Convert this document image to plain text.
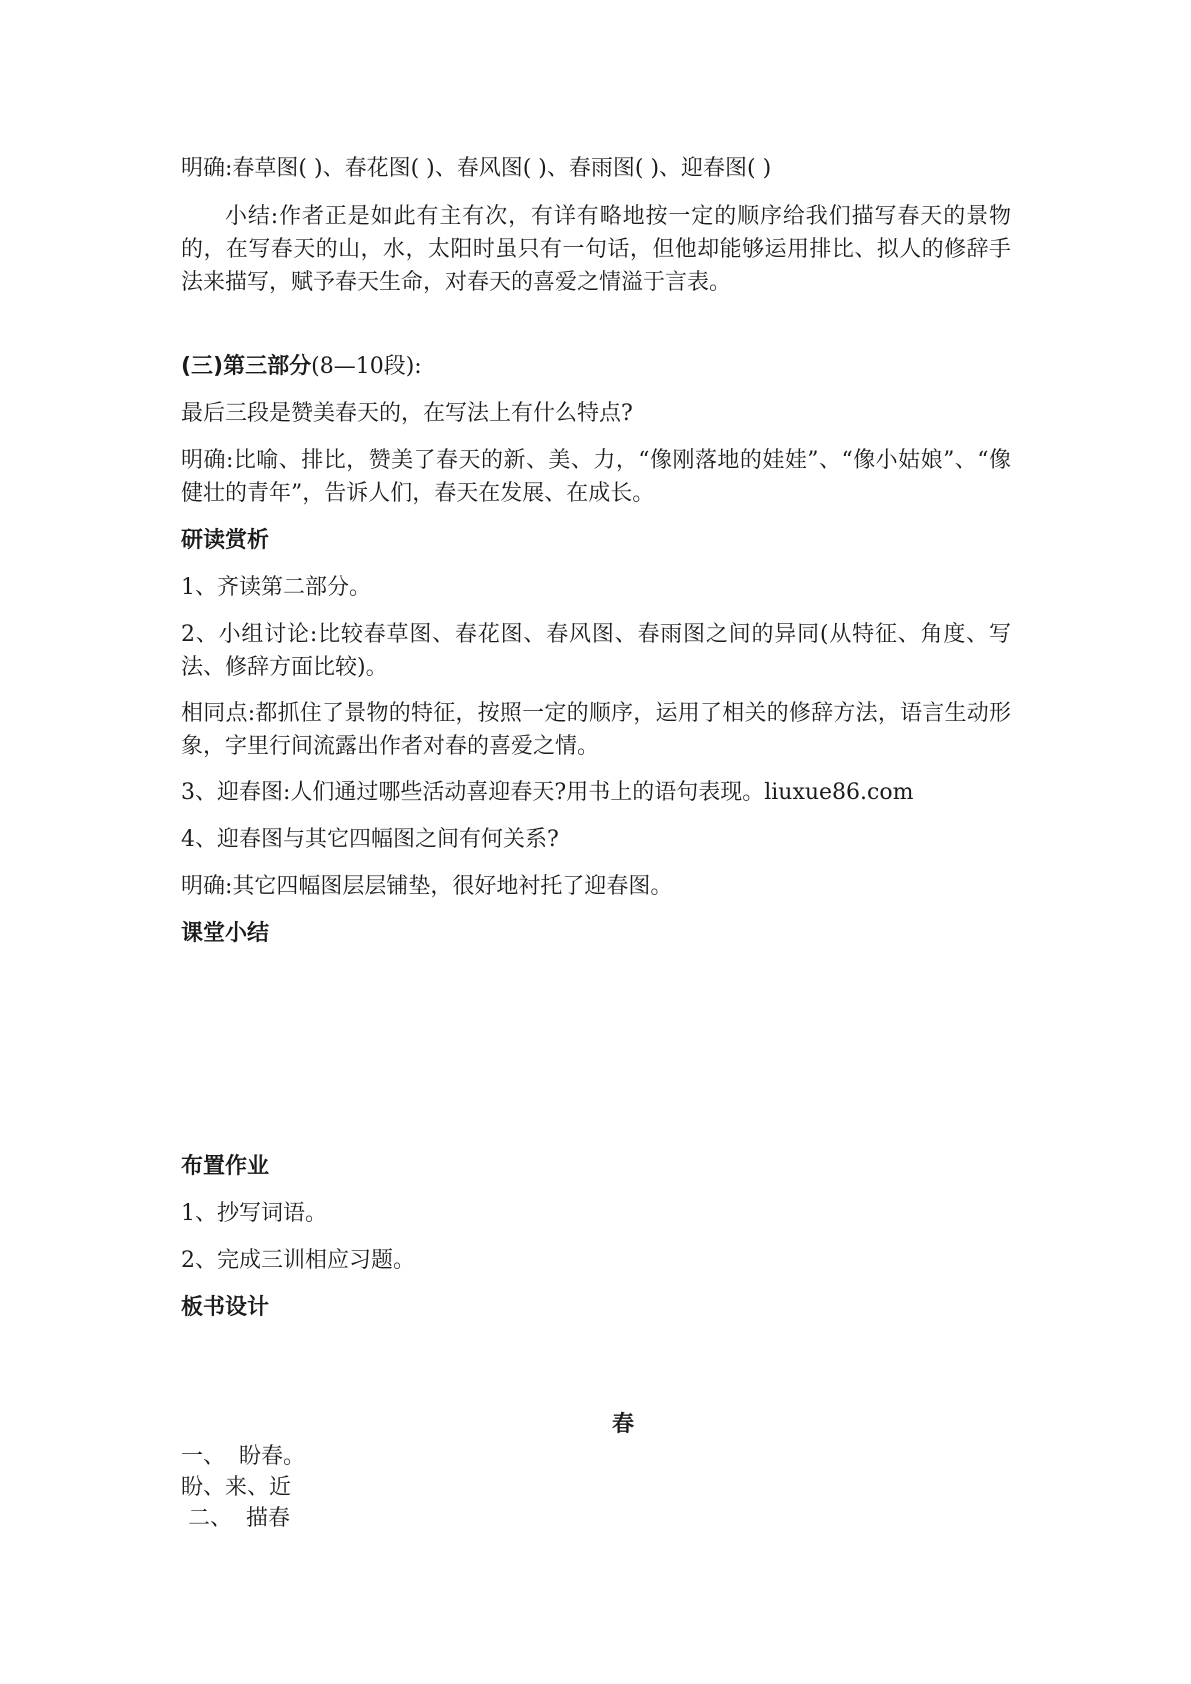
明确:春草图( )、春花图( )、春风图( )、春雨图( )、迎春图( )
小结:作者正是如此有主有次，有详有略地按一定的顺序给我们描写春天的景物的，在写春天的山，水，太阳时虽只有一句话，但他却能够运用排比、拟人的修辞手法来描写，赋予春天生命，对春天的喜爱之情溢于言表。
(三)第三部分(8—10段):
最后三段是赞美春天的，在写法上有什么特点?
明确:比喻、排比，赞美了春天的新、美、力，“像刚落地的娃娃”、“像小姑娘”、“像健壮的青年”，告诉人们，春天在发展、在成长。
研读赏析
1、齐读第二部分。
2、小组讨论:比较春草图、春花图、春风图、春雨图之间的异同(从特征、角度、写法、修辞方面比较)。
相同点:都抓住了景物的特征，按照一定的顺序，运用了相关的修辞方法，语言生动形象，字里行间流露出作者对春的喜爱之情。
3、迎春图:人们通过哪些活动喜迎春天?用书上的语句表现。liuxue86.com
4、迎春图与其它四幅图之间有何关系?
明确:其它四幅图层层铺垫，很好地衬托了迎春图。
课堂小结
布置作业
1、抄写词语。
2、完成三训相应习题。
板书设计
春
一、  盼春。
盼、来、近
二、  描春
